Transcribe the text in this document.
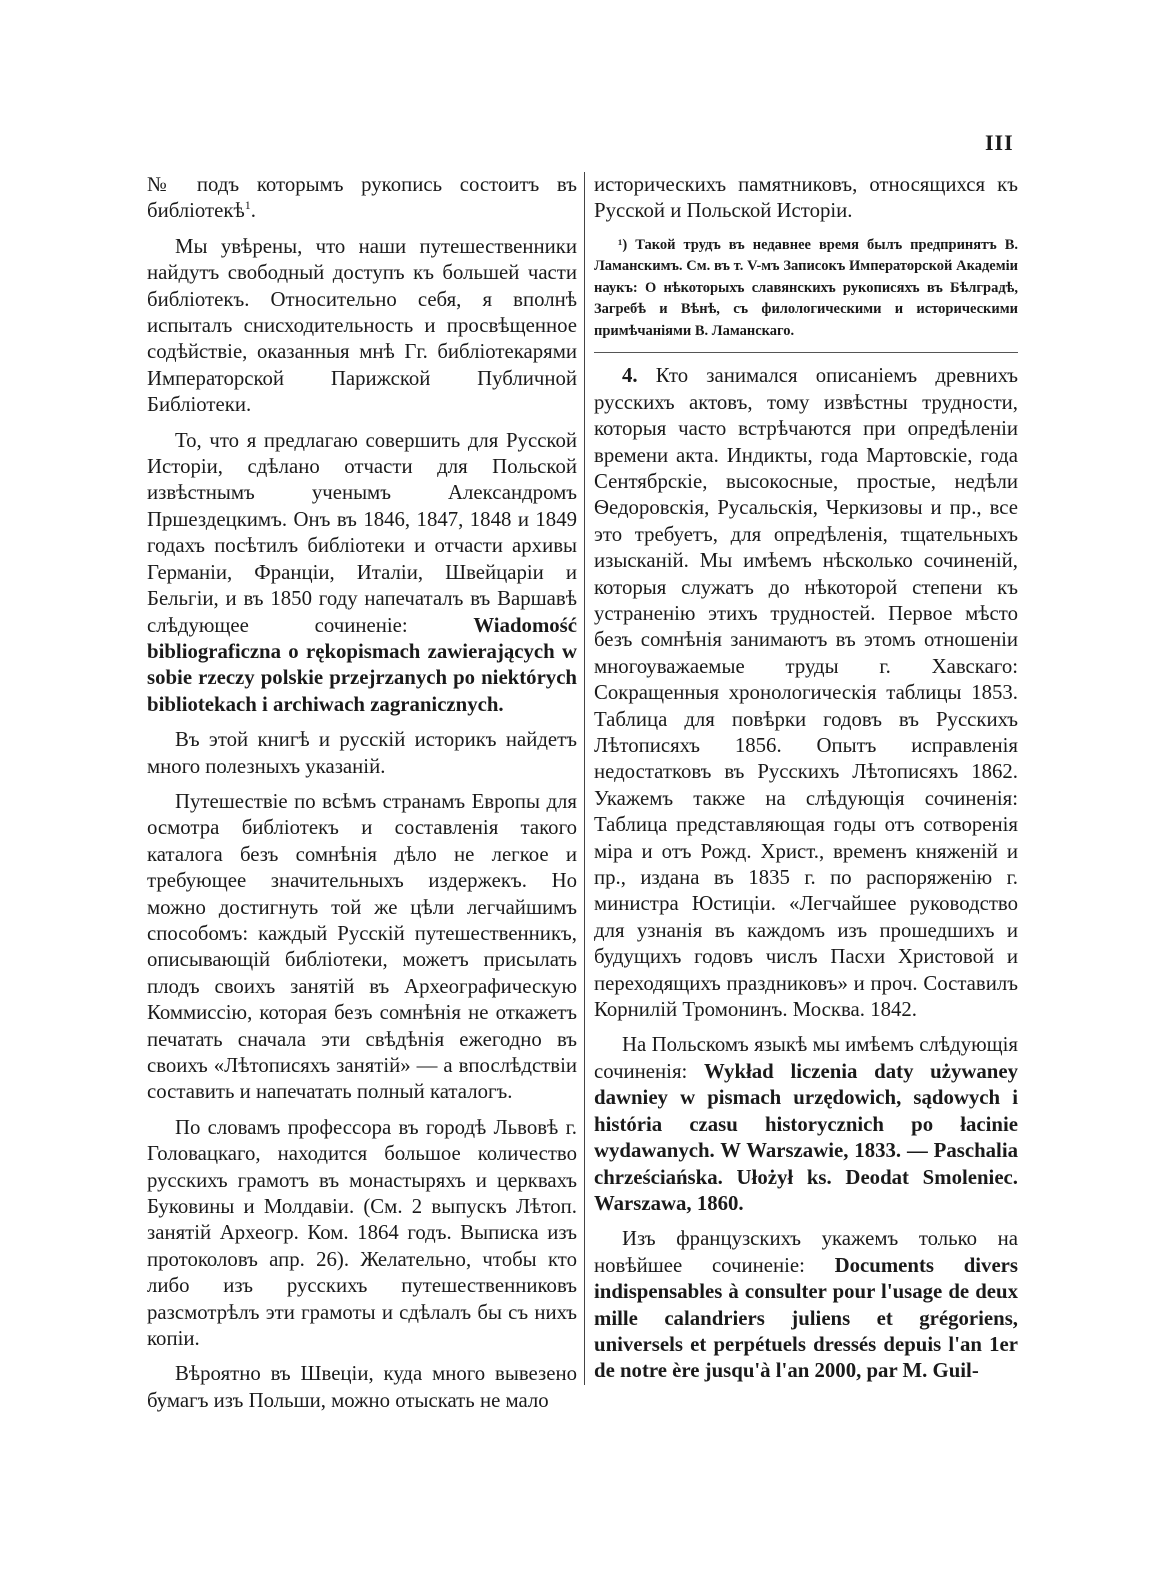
III

№ подъ которымъ рукопись состоитъ въ библіотекѣ$^1$.

Мы увѣрены, что наши путешественники найдутъ свободный доступъ къ большей части библіотекъ. Относительно себя, я вполнѣ испыталъ снисходительность и просвѣщенное содѣйствіе, оказанныя мнѣ Гг. библіотекарями Императорской Парижской Публичной Библіотеки.

То, что я предлагаю совершить для Русской Исторіи, сдѣлано отчасти для Польской извѣстнымъ ученымъ Александромъ Пршездецкимъ. Онъ въ 1846, 1847, 1848 и 1849 годахъ посѣтилъ библіотеки и отчасти архивы Германіи, Франціи, Италіи, Швейцаріи и Бельгіи, и въ 1850 году напечаталъ въ Варшавѣ слѣдующее сочиненіе:	Wiadomość bibliograficzna o rękopismach zawierających w sobie rzeczy polskie przejrzanych po niektórych bibliotekach i archiwach zagranicznych.

Въ этой книгѣ и русскій историкъ найдетъ много полезныхъ указаній.

Путешествіе по всѣмъ странамъ Европы для осмотра библіотекъ и составленія такого каталога безъ сомнѣнія дѣло не легкое и требующее значительныхъ издержекъ. Но можно достигнуть той же цѣли легчайшимъ способомъ: каждый Русскій путешественникъ, описывающій библіотеки, можетъ присылать плодъ своихъ занятій въ Археографическую Коммиссію, которая безъ сомнѣнія не откажетъ печатать сначала эти свѣдѣнія ежегодно въ своихъ «Лѣтописяхъ занятій» — а впослѣдствіи составить и напечатать полный каталогъ.

По словамъ профессора въ городѣ Львовѣ г. Головацкаго, находится большое количество русскихъ грамотъ въ монастыряхъ и церквахъ Буковины и Молдавіи. (См. 2 выпускъ Лѣтоп. занятій Археогр. Ком. 1864 годъ. Выписка изъ протоколовъ апр. 26). Желательно, чтобы кто либо изъ русскихъ путешественниковъ разсмотрѣлъ эти грамоты и сдѣлалъ бы съ нихъ копіи.

Вѣроятно въ Швеціи, куда много вывезено бумагъ изъ Польши, можно отыскать не мало

историческихъ памятниковъ, относящихся къ Русской и Польской Исторіи.

¹) Такой трудъ въ недавнее время былъ предпринятъ В. Ламанскимъ. См. въ т. V-мъ Записокъ Императорской Академіи наукъ: О нѣкоторыхъ славянскихъ рукописяхъ въ Бѣлградѣ, Загребѣ и Вѣнѣ, съ филологическими и историческими примѣчаніями В. Ламанскаго.

4. Кто занимался описаніемъ древнихъ русскихъ актовъ, тому извѣстны трудности, которыя часто встрѣчаются при опредѣленіи времени акта. Индикты, года Мартовскіе, года Сентябрскіе, высокосные, простые, недѣли Ѳедоровскія, Русальскія, Черкизовы и пр., все это требуетъ, для опредѣленія, тщательныхъ изысканій. Мы имѣемъ нѣсколько сочиненій, которыя служатъ до нѣкоторой степени къ устраненію этихъ трудностей. Первое мѣсто безъ сомнѣнія занимаютъ въ этомъ отношеніи многоуважаемые труды г. Хавскаго: Сокращенныя хронологическія таблицы 1853. Таблица для повѣрки годовъ въ Русскихъ Лѣтописяхъ 1856. Опытъ исправленія недостатковъ въ Русскихъ Лѣтописяхъ 1862. Укажемъ также на слѣдующія сочиненія: Таблица представляющая годы отъ сотворенія міра и отъ Рожд. Христ., временъ княженій и пр., издана въ 1835 г. по распоряженію г. министра Юстиціи. «Легчайшее руководство для узнанія въ каждомъ изъ прошедшихъ и будущихъ годовъ числъ Пасхи Христовой и переходящихъ праздниковъ» и проч. Составилъ Корнилій Тромонинъ. Москва. 1842.

На Польскомъ языкѣ мы имѣемъ слѣдующія сочиненія: Wykład liczenia daty używaney dawniey w pismach urzędowich, sądowych i história czasu historycznich po łacinie wydawanych. W Warszawie, 1833. — Paschalia chrześciańska. Ułożył ks. Deodat Smoleniec. Warszawa, 1860.

Изъ французскихъ укажемъ только на новѣйшее сочиненіе: Documents divers indispensables à consulter pour l'usage de deux mille calandriers juliens et grégoriens, universels et perpétuels dressés depuis l'an 1er de notre ère jusqu'à l'an 2000, par M. Guil-
